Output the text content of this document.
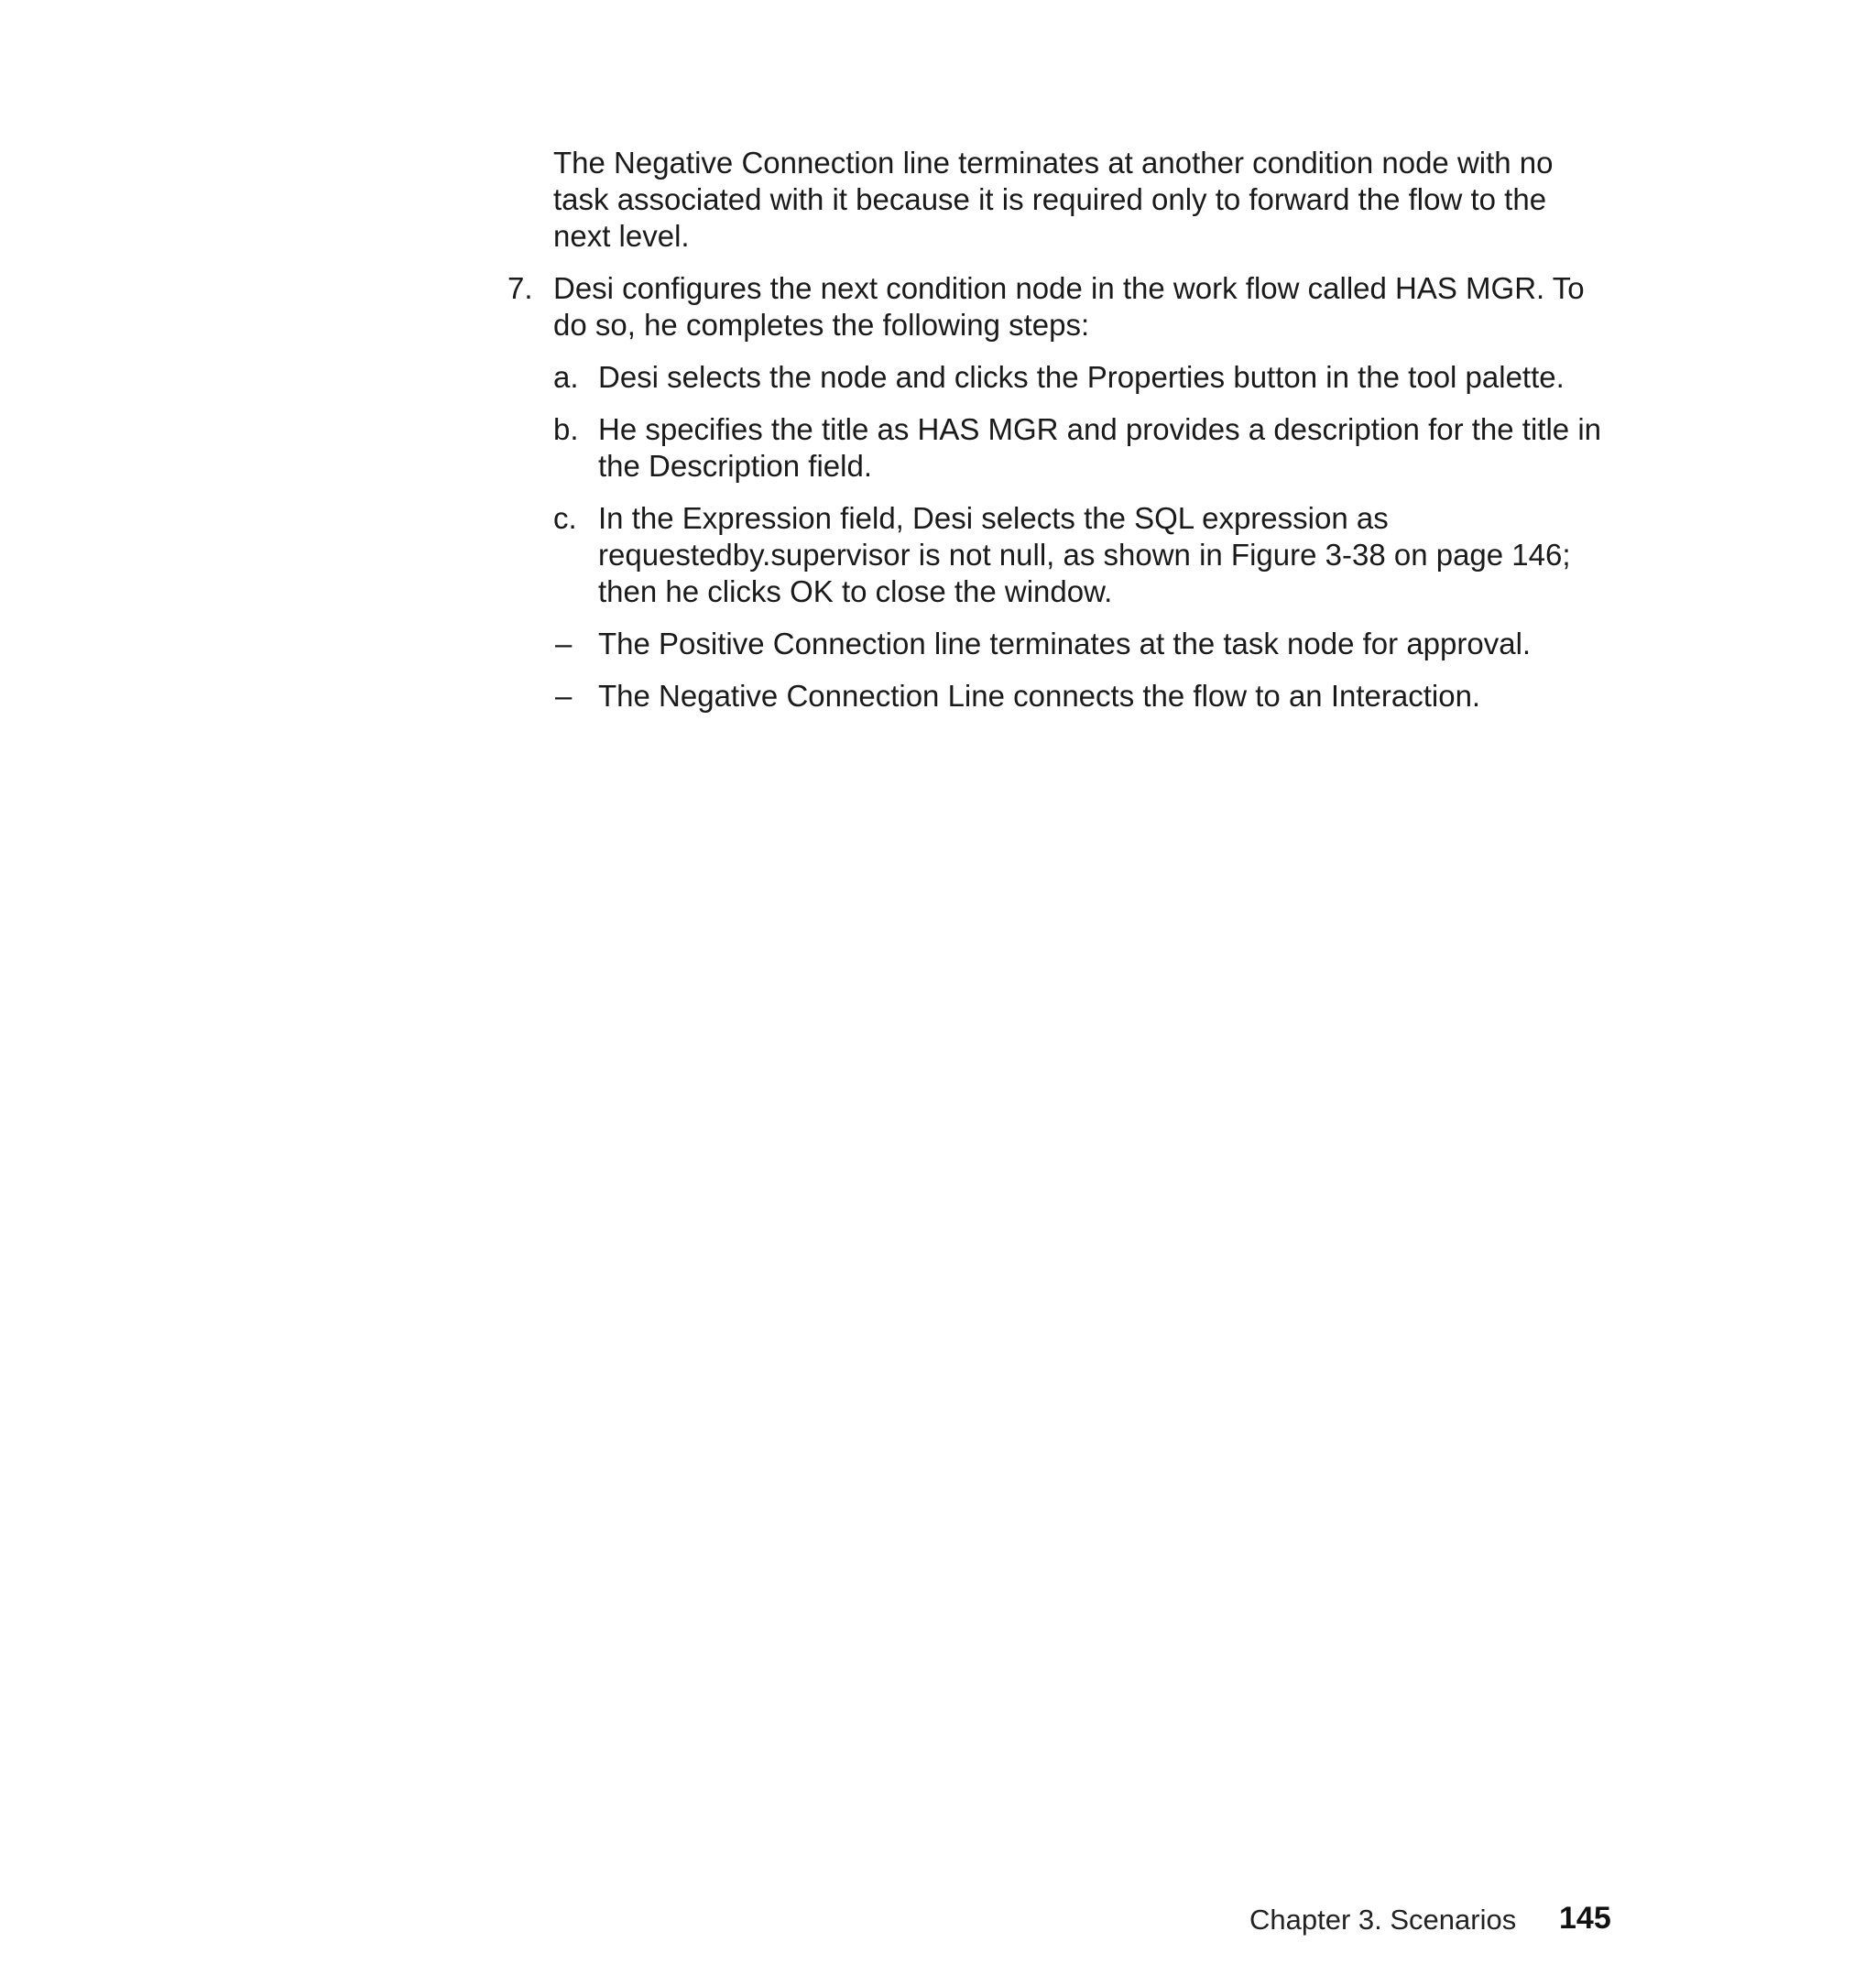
The Negative Connection line terminates at another condition node with no task associated with it because it is required only to forward the flow to the next level.

7. Desi configures the next condition node in the work flow called HAS MGR. To do so, he completes the following steps:

a. Desi selects the node and clicks the Properties button in the tool palette.

b. He specifies the title as HAS MGR and provides a description for the title in the Description field.

c. In the Expression field, Desi selects the SQL expression as requestedby.supervisor is not null, as shown in Figure 3-38 on page 146; then he clicks OK to close the window.

– The Positive Connection line terminates at the task node for approval.

– The Negative Connection Line connects the flow to an Interaction.

Chapter 3. Scenarios 145
